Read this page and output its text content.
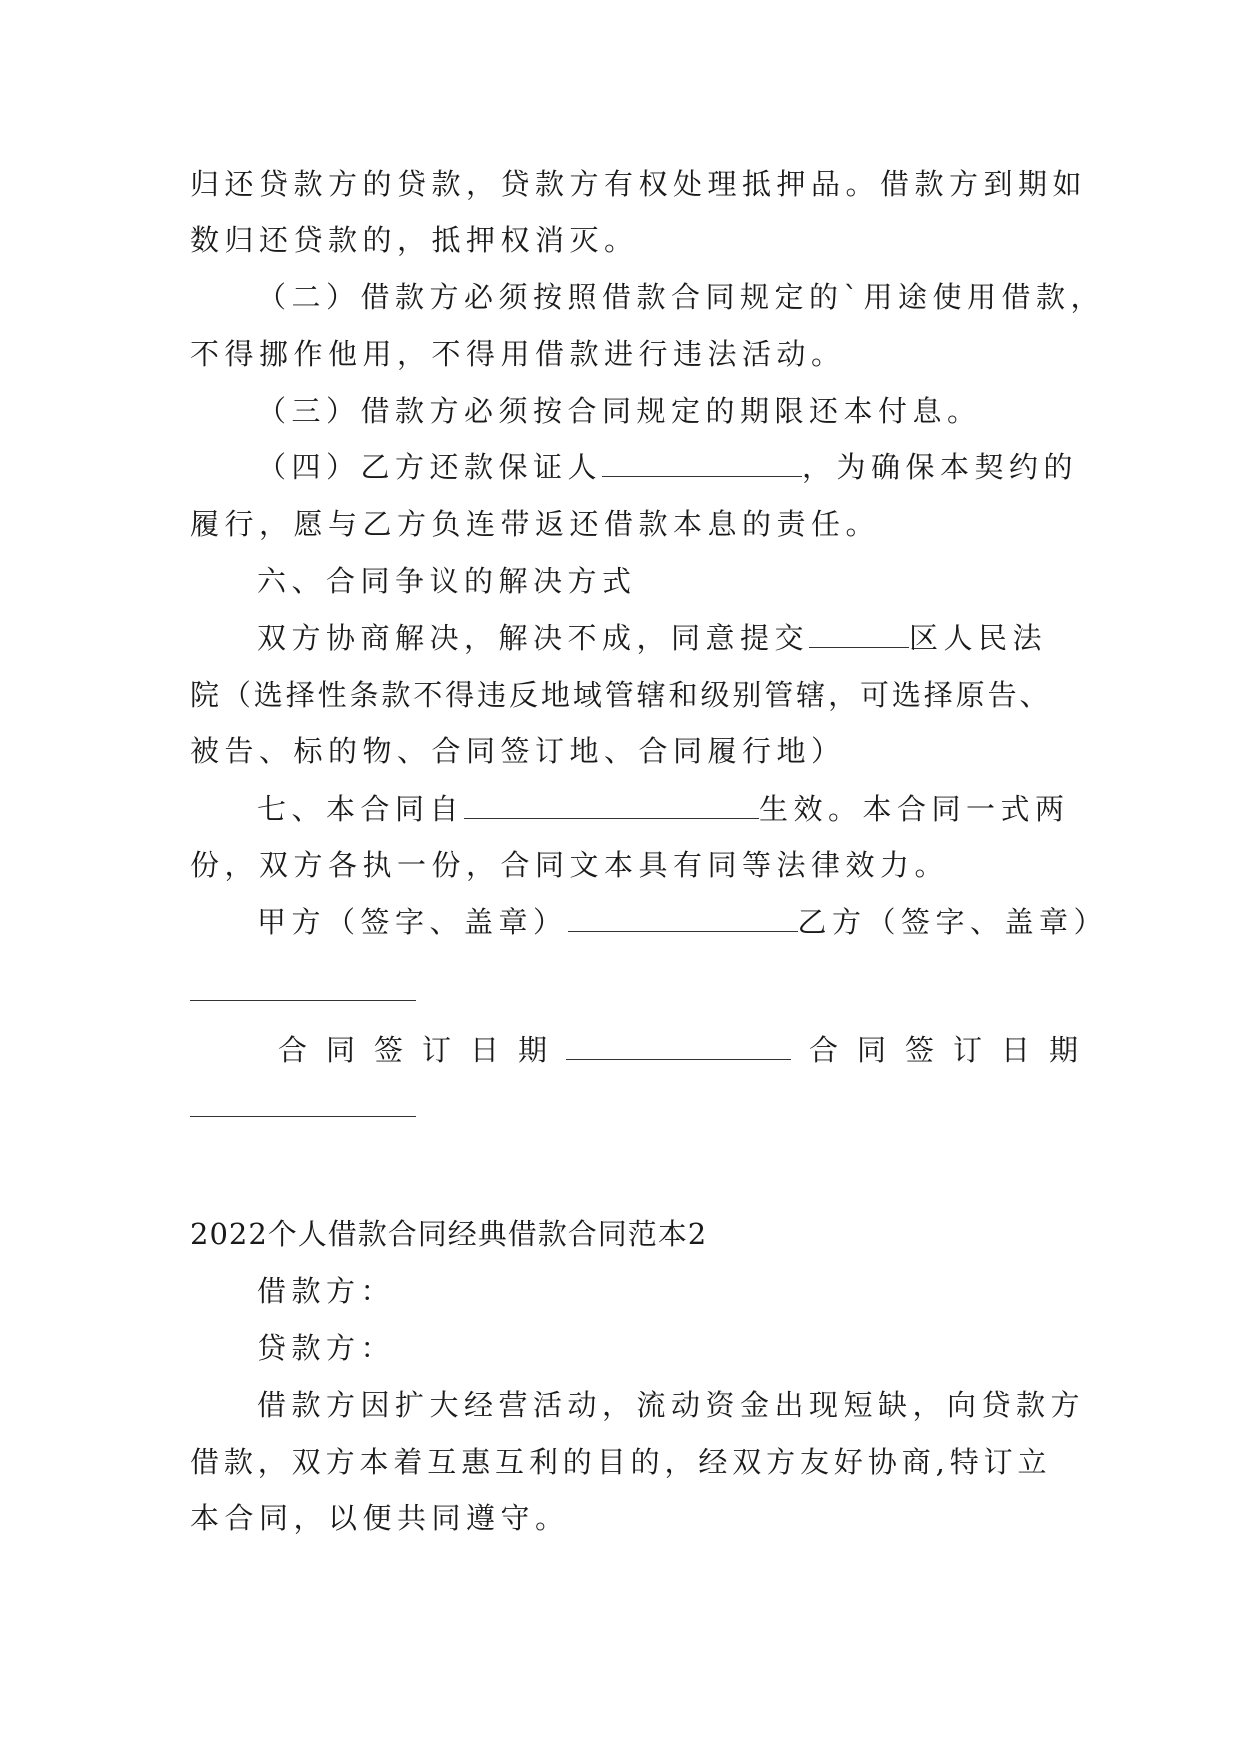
归还贷款方的贷款，贷款方有权处理抵押品。借款方到期如

数归还贷款的，抵押权消灭。

（二）借款方必须按照借款合同规定的`用途使用借款，

不得挪作他用，不得用借款进行违法活动。

（三）借款方必须按合同规定的期限还本付息。

（四）乙方还款保证人	，为确保本契约的

履行，愿与乙方负连带返还借款本息的责任。

六、合同争议的解决方式

双方协商解决，解决不成，同意提交	区人民法

院（选择性条款不得违反地域管辖和级别管辖，可选择原告、

被告、标的物、合同签订地、合同履行地）

七、本合同自	生效。本合同一式两

份，双方各执一份，合同文本具有同等法律效力。

甲方（签字、盖章）	乙方（签字、盖章）

合同签订日期	合同签订日期

2022个人借款合同经典借款合同范本2

借款方：

贷款方：

借款方因扩大经营活动，流动资金出现短缺，向贷款方

借款，双方本着互惠互利的目的，经双方友好协商,特订立

本合同，以便共同遵守。
